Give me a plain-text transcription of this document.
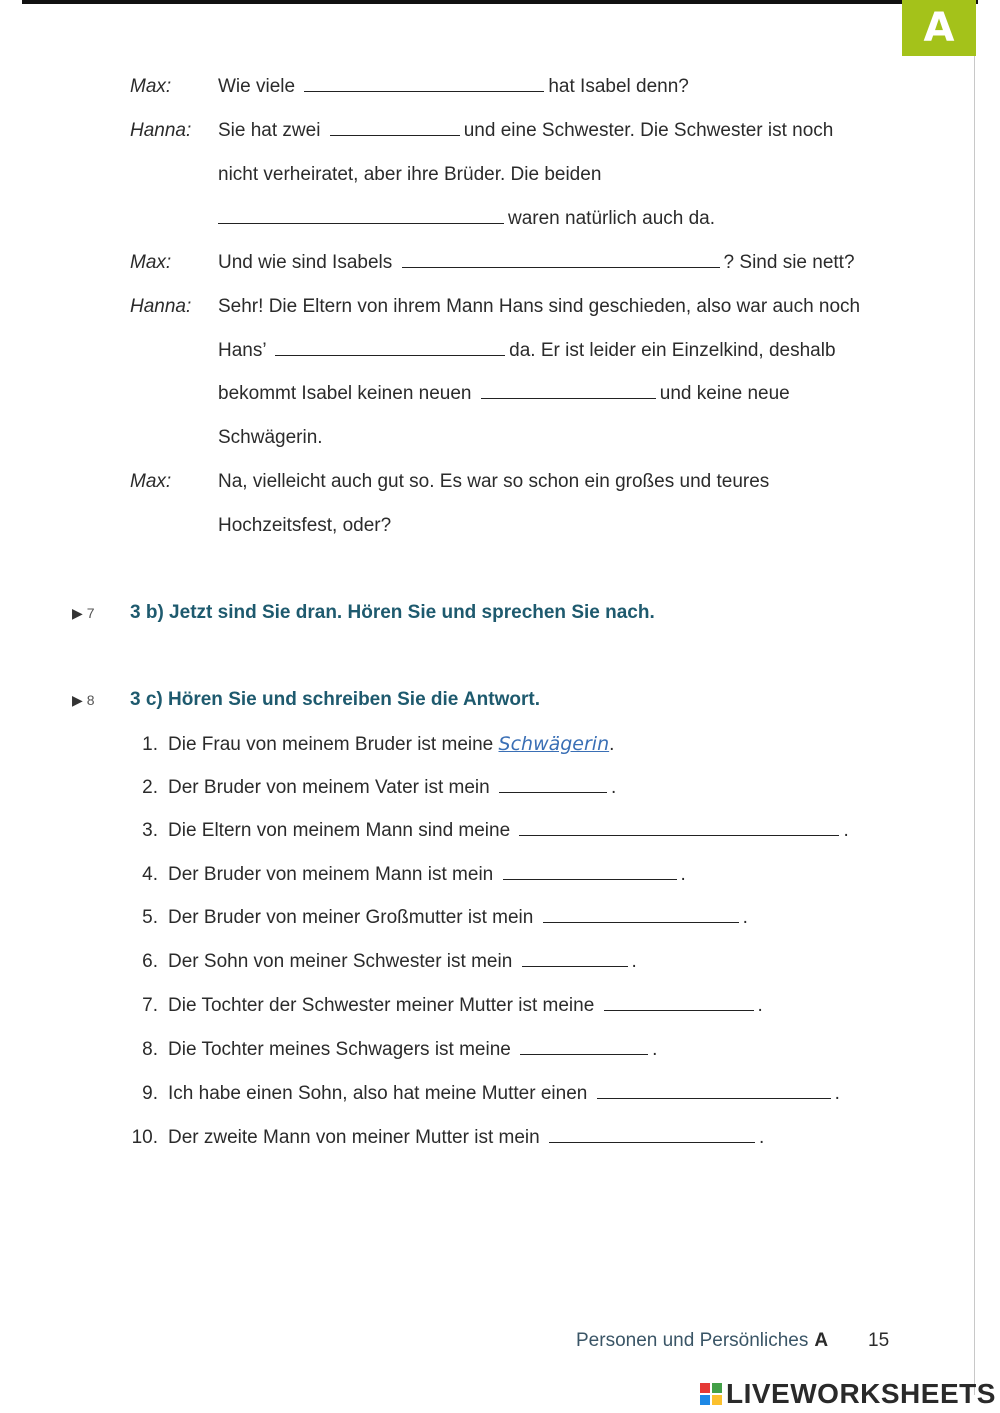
A
Max: Wie viele	hat Isabel denn?
Hanna: Sie hat zwei	und eine Schwester. Die Schwester ist noch
nicht verheiratet, aber ihre Brüder. Die beiden
waren natürlich auch da.
Max: Und wie sind Isabels	? Sind sie nett?
Hanna: Sehr! Die Eltern von ihrem Mann Hans sind geschieden, also war auch noch
Hans’	da. Er ist leider ein Einzelkind, deshalb
bekommt Isabel keinen neuen	und keine neue
Schwägerin.
Max: Na, vielleicht auch gut so. Es war so schon ein großes und teures
Hochzeitsfest, oder?
▶ 7 3 b) Jetzt sind Sie dran. Hören Sie und sprechen Sie nach.
▶ 8 3 c) Hören Sie und schreiben Sie die Antwort.
1. Die Frau von meinem Bruder ist meine Schwägerin.
2. Der Bruder von meinem Vater ist mein	.
3. Die Eltern von meinem Mann sind meine	.
4. Der Bruder von meinem Mann ist mein	.
5. Der Bruder von meiner Großmutter ist mein	.
6. Der Sohn von meiner Schwester ist mein	.
7. Die Tochter der Schwester meiner Mutter ist meine	.
8. Die Tochter meines Schwagers ist meine	.
9. Ich habe einen Sohn, also hat meine Mutter einen	.
10. Der zweite Mann von meiner Mutter ist mein	.
Personen und Persönliches A 15
LIVEWORKSHEETS
